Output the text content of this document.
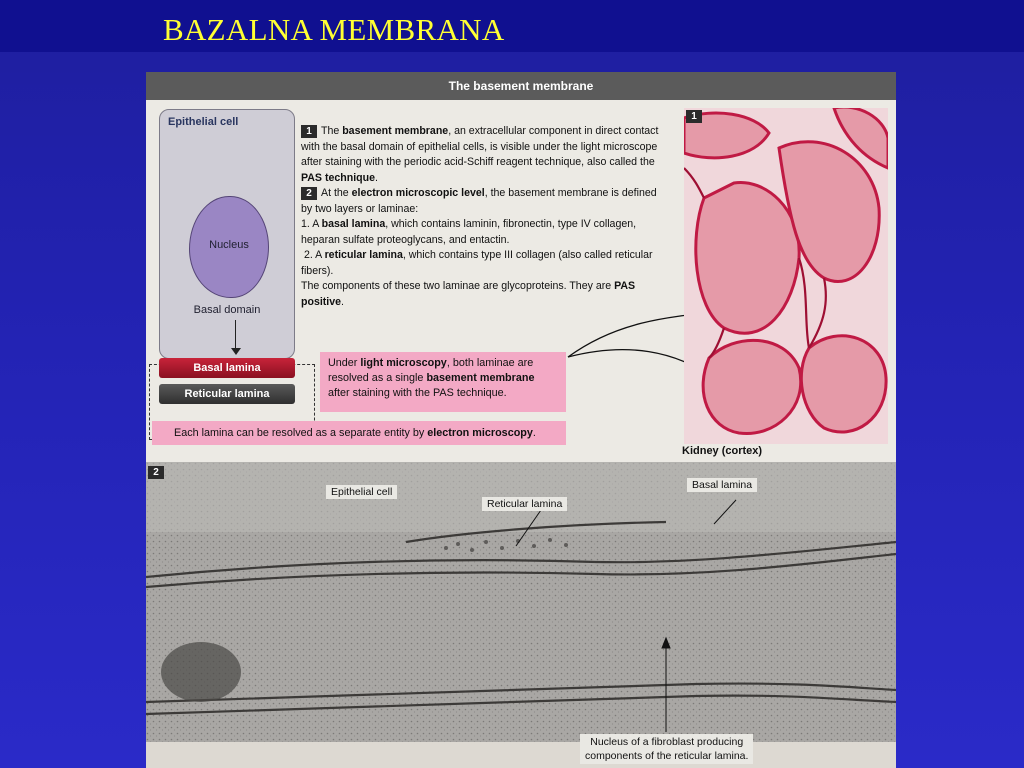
BAZALNA MEMBRANA
The basement membrane
Epithelial cell
Nucleus
Basal domain
Basal lamina
Reticular lamina

1 The basement membrane, an extracellular component in direct contact with the basal domain of epithelial cells, is visible under the light microscope after staining with the periodic acid-Schiff reagent technique, also called the PAS technique.

2 At the electron microscopic level, the basement membrane is defined by two layers or laminae:

1. A basal lamina, which contains laminin, fibronectin, type IV collagen, heparan sulfate proteoglycans, and entactin.

2. A reticular lamina, which contains type III collagen (also called reticular fibers).

The components of these two laminae are glycoproteins. They are PAS positive.

Under light microscopy, both laminae are resolved as a single basement membrane after staining with the PAS technique.
Each lamina can be resolved as a separate entity by electron microscopy.
1
Kidney (cortex)
2
Epithelial cell
Reticular lamina
Basal lamina
Nucleus of a fibroblast producing
components of the reticular lamina.
